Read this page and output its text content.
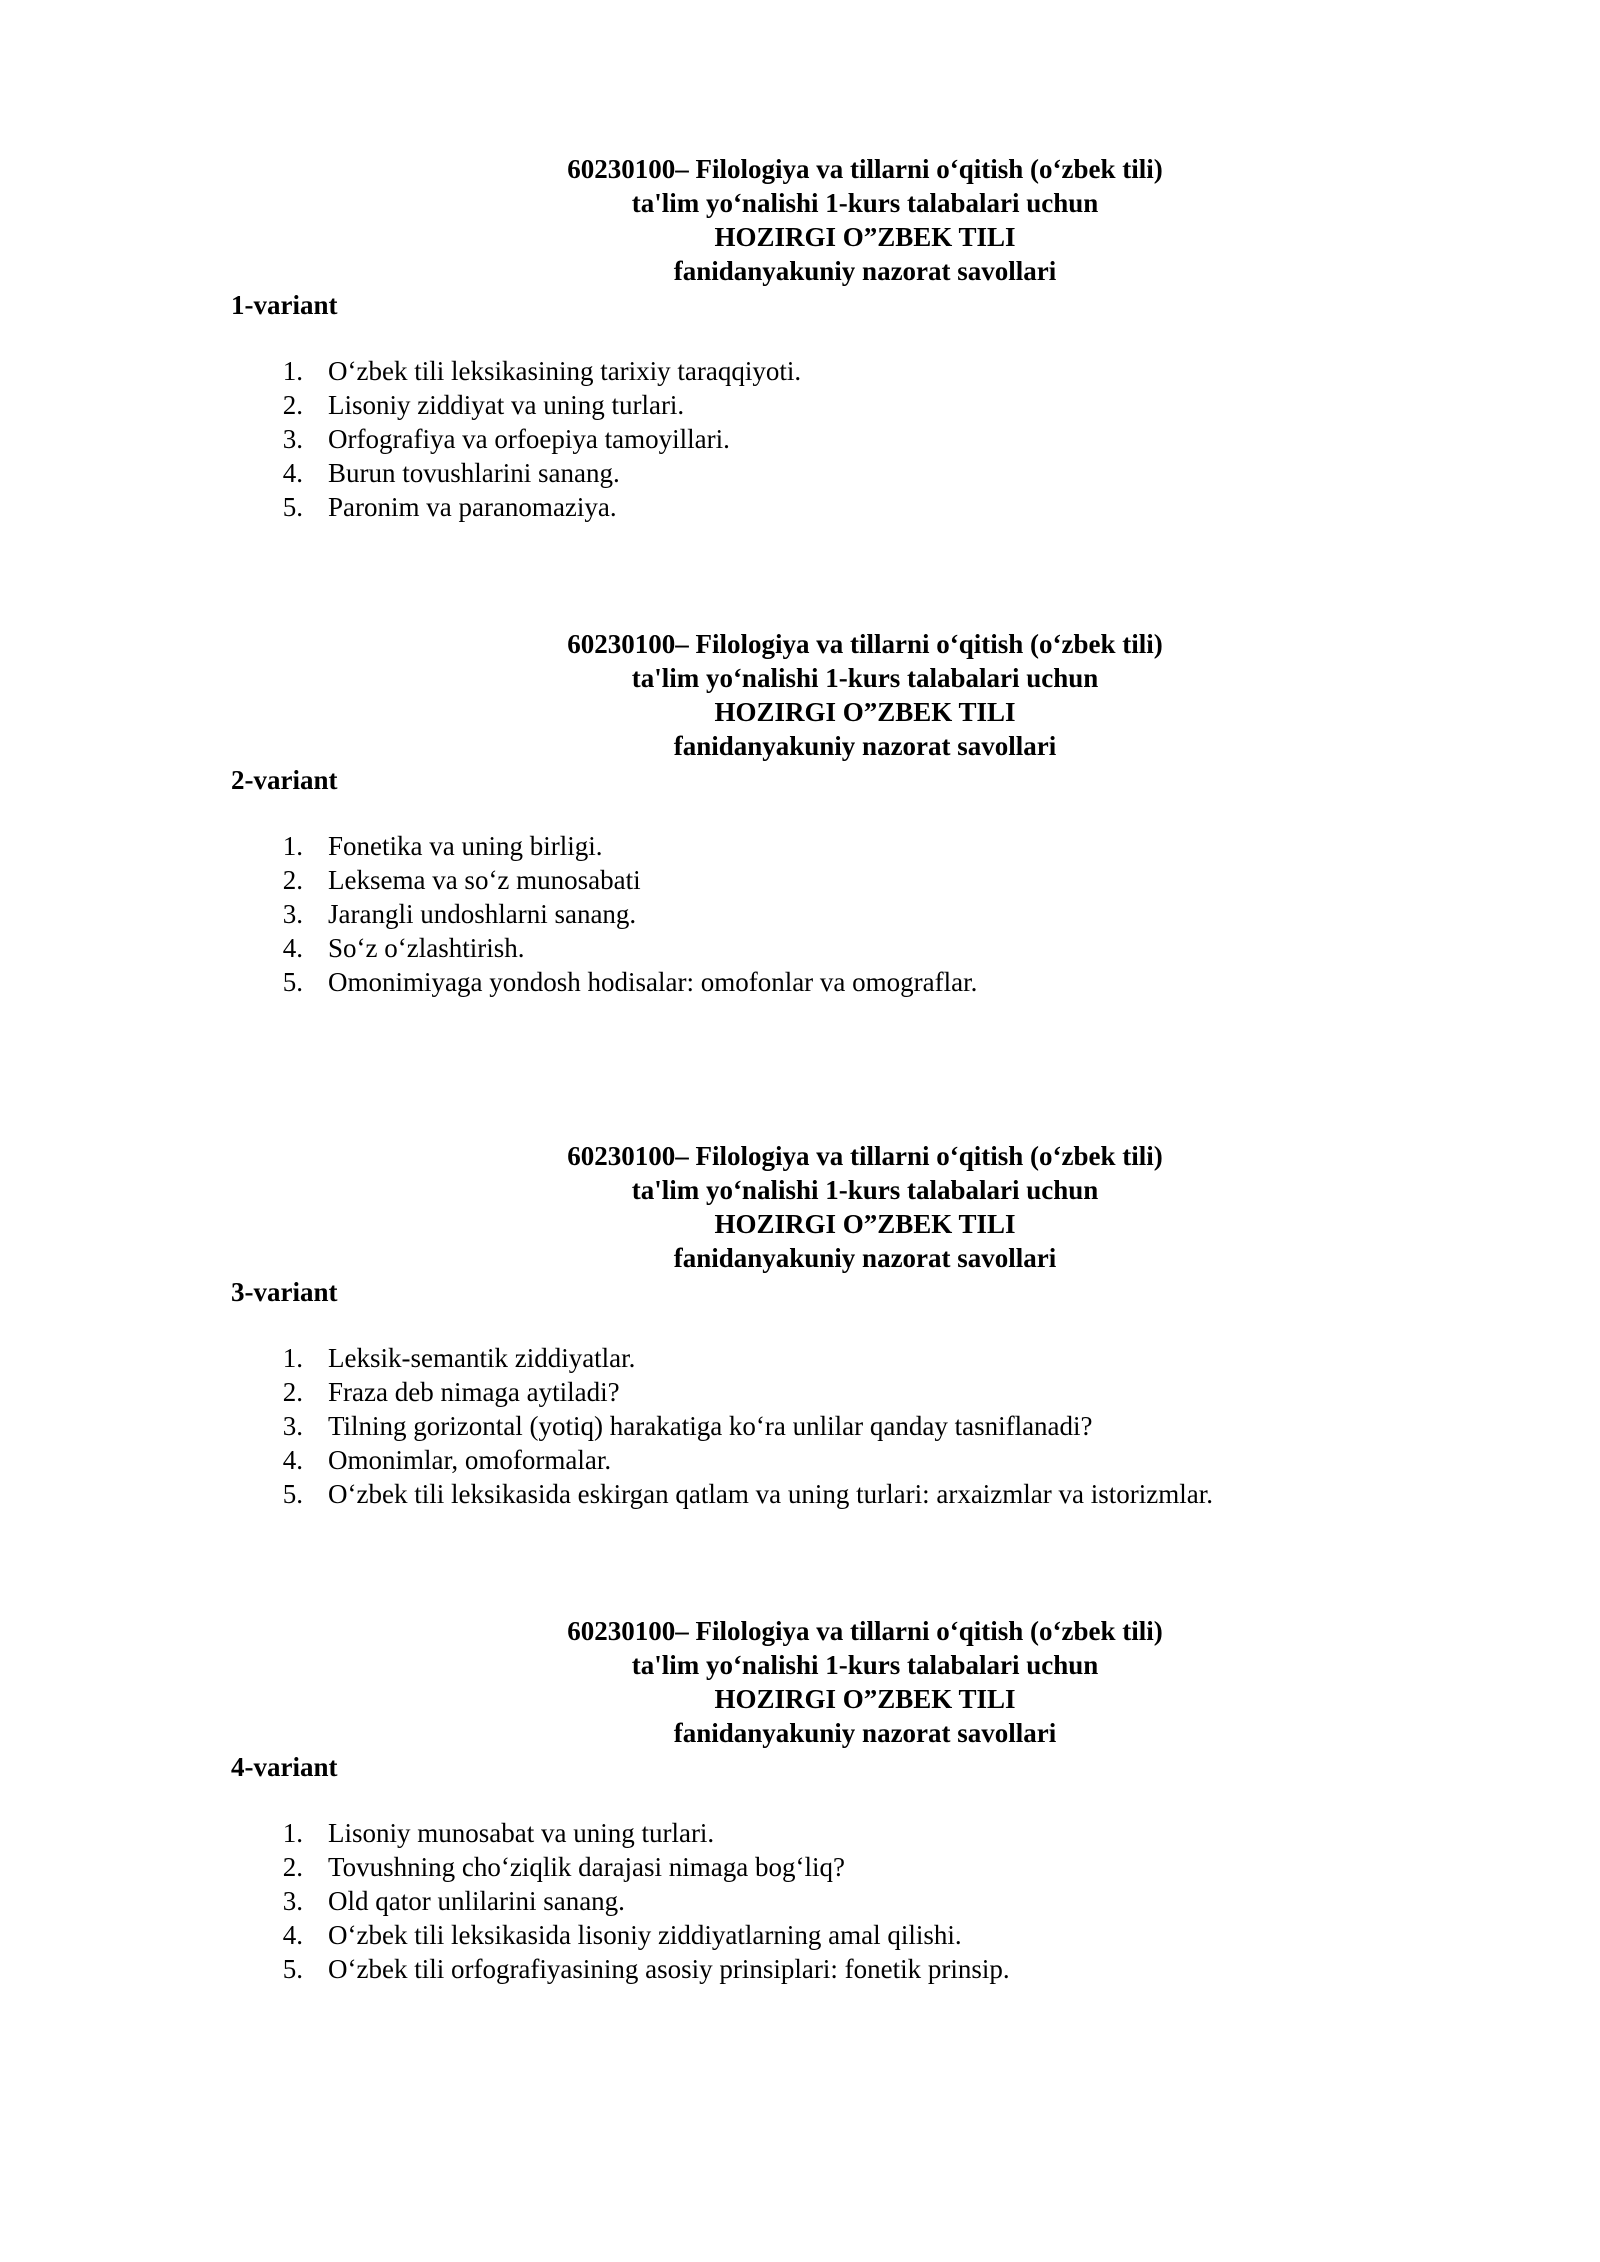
60230100– Filologiya va tillarni o‘qitish (o‘zbek tili)
ta'lim yo‘nalishi 1-kurs talabalari uchun
HOZIRGI O”ZBEK TILI
fanidanyakuniy nazorat savollari
1-variant
1. O‘zbek tili leksikasining tarixiy taraqqiyoti.
2. Lisoniy ziddiyat va uning turlari.
3. Orfografiya va orfoepiya tamoyillari.
4. Burun tovushlarini sanang.
5. Paronim va paranomaziya.
60230100– Filologiya va tillarni o‘qitish (o‘zbek tili)
ta'lim yo‘nalishi 1-kurs talabalari uchun
HOZIRGI O”ZBEK TILI
fanidanyakuniy nazorat savollari
2-variant
1. Fonetika va uning birligi.
2. Leksema va so‘z munosabati
3. Jarangli undoshlarni sanang.
4. So‘z o‘zlashtirish.
5. Omonimiyaga yondosh hodisalar: omofonlar va omograflar.
60230100– Filologiya va tillarni o‘qitish (o‘zbek tili)
ta'lim yo‘nalishi 1-kurs talabalari uchun
HOZIRGI O”ZBEK TILI
fanidanyakuniy nazorat savollari
3-variant
1. Leksik-semantik ziddiyatlar.
2. Fraza deb nimaga aytiladi?
3. Tilning gorizontal (yotiq) harakatiga ko‘ra unlilar qanday tasniflanadi?
4. Omonimlar, omoformalar.
5. O‘zbek tili leksikasida eskirgan qatlam va uning turlari: arxaizmlar va istorizmlar.
60230100– Filologiya va tillarni o‘qitish (o‘zbek tili)
ta'lim yo‘nalishi 1-kurs talabalari uchun
HOZIRGI O”ZBEK TILI
fanidanyakuniy nazorat savollari
4-variant
1. Lisoniy munosabat va uning turlari.
2. Tovushning cho‘ziqlik darajasi nimaga bog‘liq?
3. Old qator unlilarini sanang.
4. O‘zbek tili leksikasida lisoniy ziddiyatlarning amal qilishi.
5. O‘zbek tili orfografiyasining asosiy prinsiplari: fonetik prinsip.
